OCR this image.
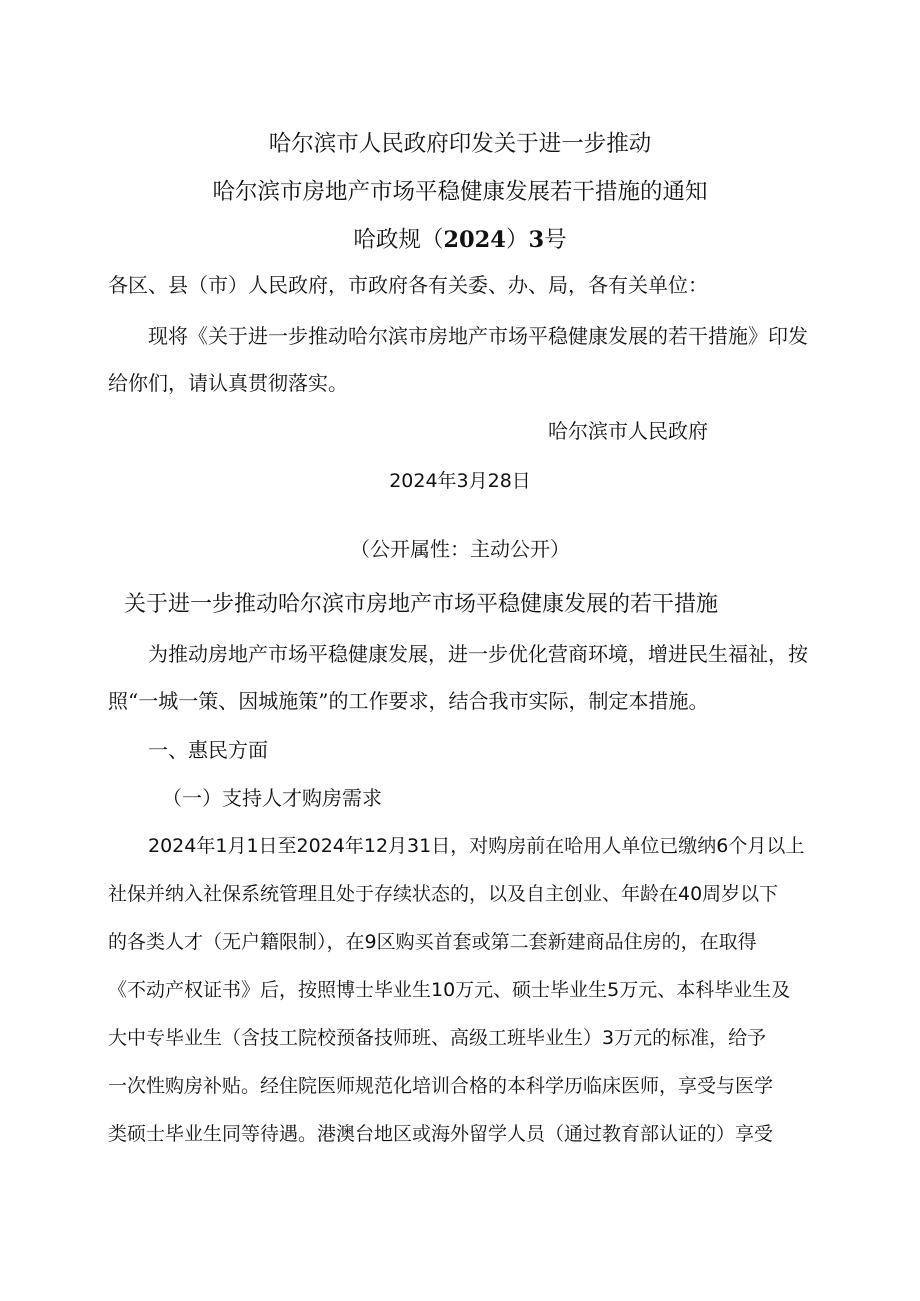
哈尔滨市人民政府印发关于进一步推动
哈尔滨市房地产市场平稳健康发展若干措施的通知
哈政规（2024）3号
各区、县（市）人民政府，市政府各有关委、办、局，各有关单位：
现将《关于进一步推动哈尔滨市房地产市场平稳健康发展的若干措施》印发
给你们，请认真贯彻落实。
哈尔滨市人民政府
2024年3月28日
（公开属性：主动公开）
关于进一步推动哈尔滨市房地产市场平稳健康发展的若干措施
为推动房地产市场平稳健康发展，进一步优化营商环境，增进民生福祉，按
照“一城一策、因城施策”的工作要求，结合我市实际，制定本措施。
一、惠民方面
（一）支持人才购房需求
2024年1月1日至2024年12月31日，对购房前在哈用人单位已缴纳6个月以上
社保并纳入社保系统管理且处于存续状态的，以及自主创业、年龄在40周岁以下
的各类人才（无户籍限制），在9区购买首套或第二套新建商品住房的，在取得
《不动产权证书》后，按照博士毕业生10万元、硕士毕业生5万元、本科毕业生及
大中专毕业生（含技工院校预备技师班、高级工班毕业生）3万元的标准，给予
一次性购房补贴。经住院医师规范化培训合格的本科学历临床医师，享受与医学
类硕士毕业生同等待遇。港澳台地区或海外留学人员（通过教育部认证的）享受
